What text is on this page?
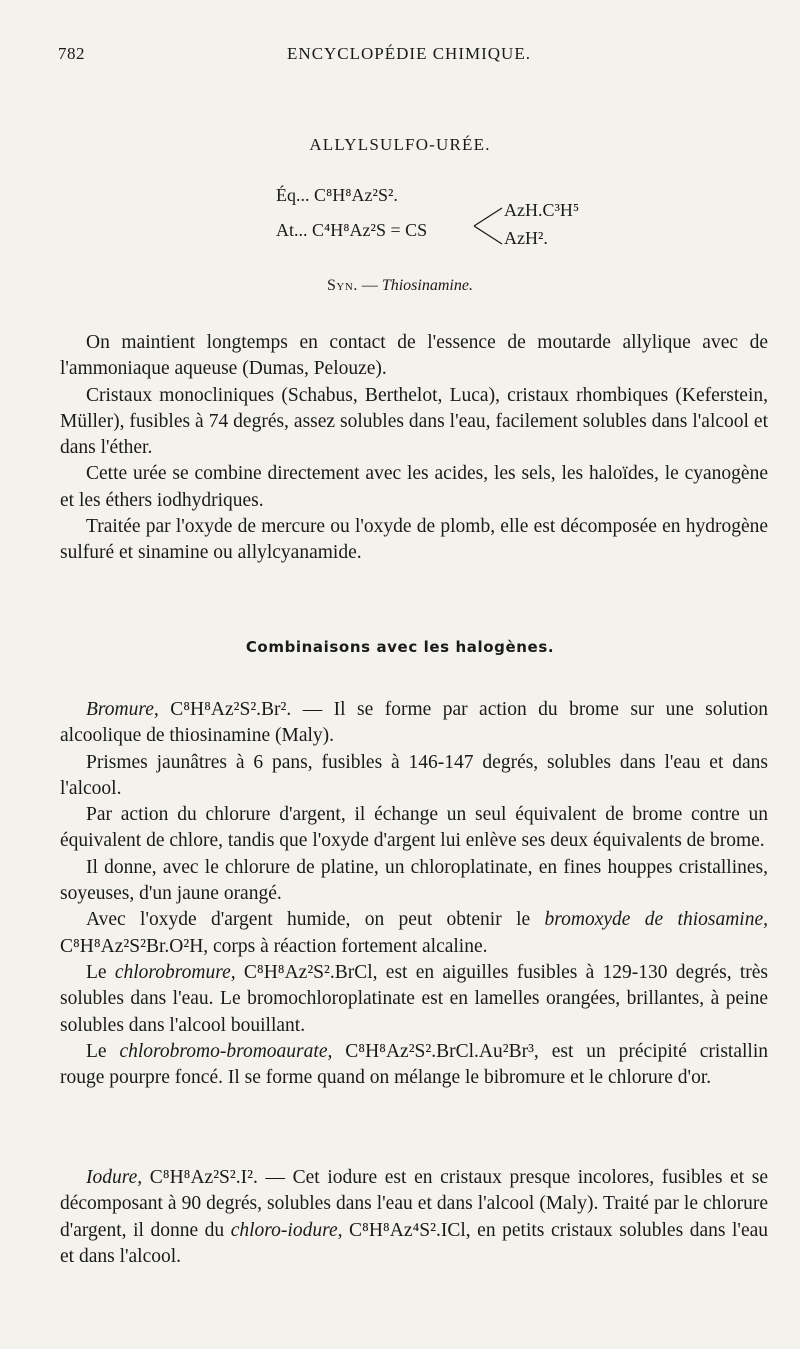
782	ENCYCLOPÉDIE CHIMIQUE.
ALLYLSULFO-URÉE.
Éq... C⁸H⁸Az²S².
At... C⁴H⁸Az²S = CS
AzH.C³H⁵
AzH².
Syn. — Thiosinamine.

On maintient longtemps en contact de l'essence de moutarde allylique avec de l'ammoniaque aqueuse (Dumas, Pelouze).

Cristaux monocliniques (Schabus, Berthelot, Luca), cristaux rhombiques (Keferstein, Müller), fusibles à 74 degrés, assez solubles dans l'eau, facilement solubles dans l'alcool et dans l'éther.

Cette urée se combine directement avec les acides, les sels, les haloïdes, le cyanogène et les éthers iodhydriques.

Traitée par l'oxyde de mercure ou l'oxyde de plomb, elle est décomposée en hydrogène sulfuré et sinamine ou allylcyanamide.

Combinaisons avec les halogènes.

Bromure, C⁸H⁸Az²S².Br². — Il se forme par action du brome sur une solution alcoolique de thiosinamine (Maly).

Prismes jaunâtres à 6 pans, fusibles à 146-147 degrés, solubles dans l'eau et dans l'alcool.

Par action du chlorure d'argent, il échange un seul équivalent de brome contre un équivalent de chlore, tandis que l'oxyde d'argent lui enlève ses deux équivalents de brome.

Il donne, avec le chlorure de platine, un chloroplatinate, en fines houppes cristallines, soyeuses, d'un jaune orangé.

Avec l'oxyde d'argent humide, on peut obtenir le bromoxyde de thiosamine, C⁸H⁸Az²S²Br.O²H, corps à réaction fortement alcaline.

Le chlorobromure, C⁸H⁸Az²S².BrCl, est en aiguilles fusibles à 129-130 degrés, très solubles dans l'eau. Le bromochloroplatinate est en lamelles orangées, brillantes, à peine solubles dans l'alcool bouillant.

Le chlorobromo-bromoaurate, C⁸H⁸Az²S².BrCl.Au²Br³, est un précipité cristallin rouge pourpre foncé. Il se forme quand on mélange le bibromure et le chlorure d'or.

Iodure, C⁸H⁸Az²S².I². — Cet iodure est en cristaux presque incolores, fusibles et se décomposant à 90 degrés, solubles dans l'eau et dans l'alcool (Maly). Traité par le chlorure d'argent, il donne du chloro-iodure, C⁸H⁸Az⁴S².ICl, en petits cristaux solubles dans l'eau et dans l'alcool.
